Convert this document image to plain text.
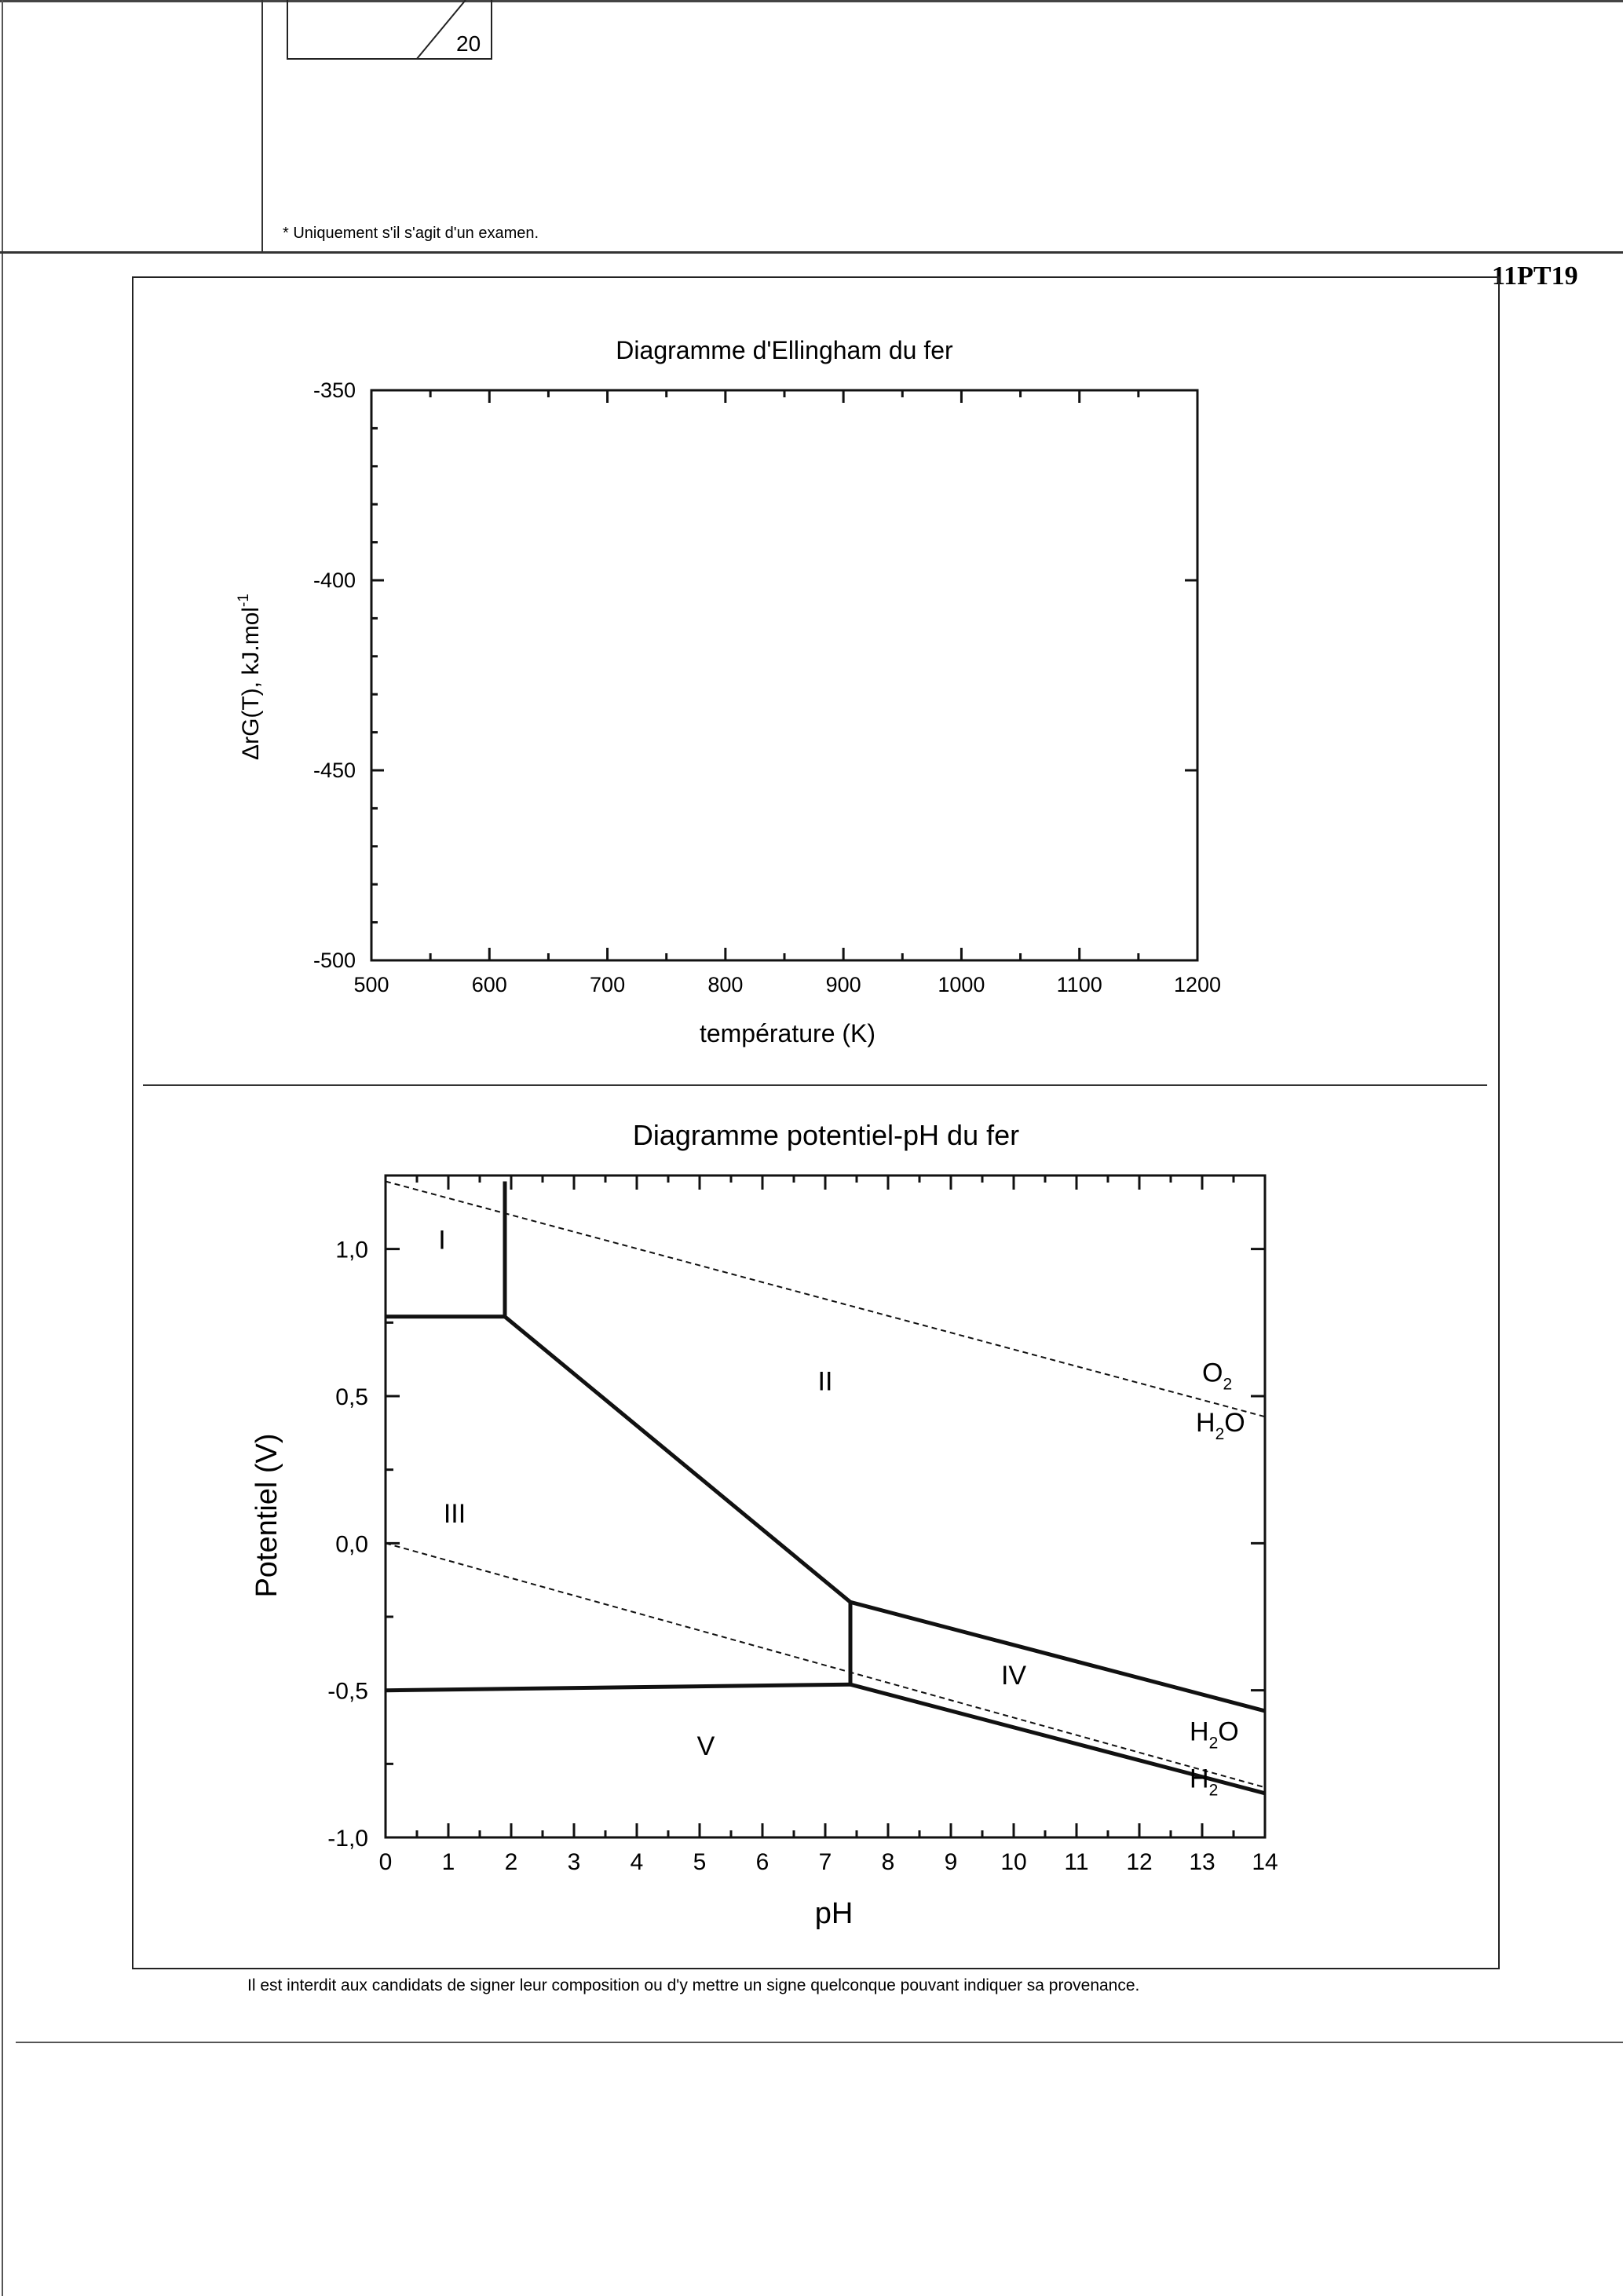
20
* Uniquement s'il s'agit d'un examen.
11PT19
Il est interdit aux candidats de signer leur composition ou d'y mettre un signe quelconque pouvant indiquer sa provenance.
500	600	700	800	900	1000	1100	1200
-350
-400
-450
-500
Diagramme d'Ellingham du fer
température (K)
ΔrG(T), kJ.mol$^{-1}$
0 1 2 3 4 5 6 7 8 9 10 11 12 13 14
1,0
0,5
0,0
-0,5
-1,0
I
II
III
IV
V
$O_2$
$H_2O$
$H_2O$
$H_2$
Diagramme potentiel-pH du fer
pH
Potentiel (V)
